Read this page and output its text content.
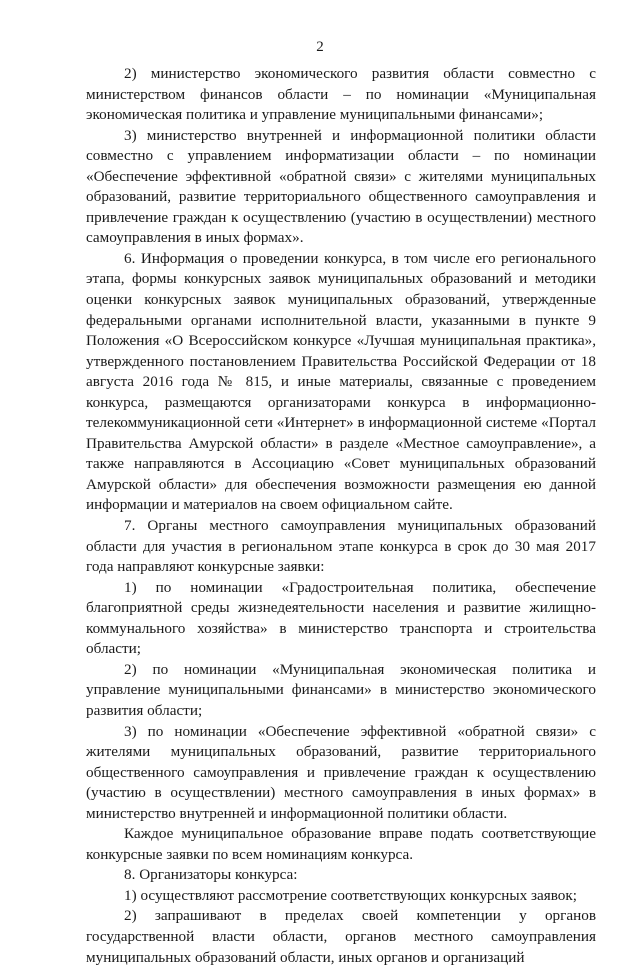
2

2) министерство экономического развития области совместно с министерством финансов области – по номинации «Муниципальная экономическая политика и управление муниципальными финансами»;

3) министерство внутренней и информационной политики области совместно с управлением информатизации области – по номинации «Обеспечение эффективной «обратной связи» с жителями муниципальных образований, развитие территориального общественного самоуправления и привлечение граждан к осуществлению (участию в осуществлении) местного самоуправления в иных формах».

6. Информация о проведении конкурса, в том числе его регионального этапа, формы конкурсных заявок муниципальных образований и методики оценки конкурсных заявок муниципальных образований, утвержденные федеральными органами исполнительной власти, указанными в пункте 9 Положения «О Всероссийском конкурсе «Лучшая муниципальная практика», утвержденного постановлением Правительства Российской Федерации от 18 августа 2016 года № 815, и иные материалы, связанные с проведением конкурса, размещаются организаторами конкурса в информационно-телекоммуникационной сети «Интернет» в информационной системе «Портал Правительства Амурской области» в разделе «Местное самоуправление», а также направляются в Ассоциацию «Совет муниципальных образований Амурской области» для обеспечения возможности размещения ею данной информации и материалов на своем официальном сайте.

7. Органы местного самоуправления муниципальных образований области для участия в региональном этапе конкурса в срок до 30 мая 2017 года направляют конкурсные заявки:

1) по номинации «Градостроительная политика, обеспечение благоприятной среды жизнедеятельности населения и развитие жилищно-коммунального хозяйства» в министерство транспорта и строительства области;

2) по номинации «Муниципальная экономическая политика и управление муниципальными финансами» в министерство экономического развития области;

3) по номинации «Обеспечение эффективной «обратной связи» с жителями муниципальных образований, развитие территориального общественного самоуправления и привлечение граждан к осуществлению (участию в осуществлении) местного самоуправления в иных формах» в министерство внутренней и информационной политики области.

Каждое муниципальное образование вправе подать соответствующие конкурсные заявки по всем номинациям конкурса.

8. Организаторы конкурса:

1) осуществляют рассмотрение соответствующих конкурсных заявок;

2) запрашивают в пределах своей компетенции у органов государственной власти области, органов местного самоуправления муниципальных образований области, иных органов и организаций
